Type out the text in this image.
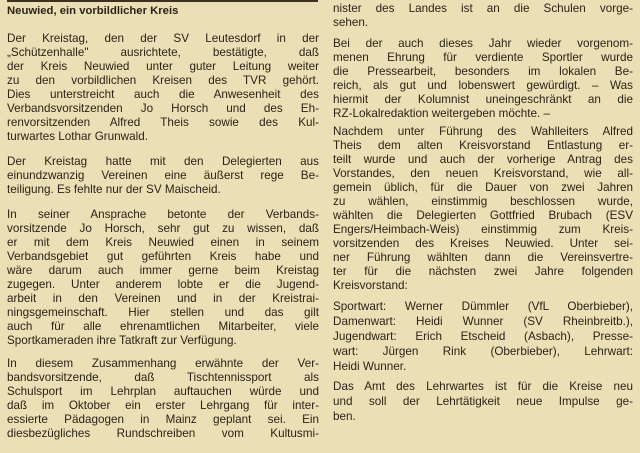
Neuwied, ein vorbildlicher Kreis
Der Kreistag, den der SV Leutesdorf in der
„Schützenhalle" ausrichtete, bestätigte, daß
der Kreis Neuwied unter guter Leitung weiter
zu den vorbildlichen Kreisen des TVR gehört.
Dies unterstreicht auch die Anwesenheit des
Verbandsvorsitzenden Jo Horsch und des Eh-
renvorsitzenden Alfred Theis sowie des Kul-
turwartes Lothar Grunwald.
Der Kreistag hatte mit den Delegierten aus
einundzwanzig Vereinen eine äußerst rege Be-
teiligung. Es fehlte nur der SV Maischeid.
In seiner Ansprache betonte der Verbands-
vorsitzende Jo Horsch, sehr gut zu wissen, daß
er mit dem Kreis Neuwied einen in seinem
Verbandsgebiet gut geführten Kreis habe und
wäre darum auch immer gerne beim Kreistag
zugegen. Unter anderem lobte er die Jugend-
arbeit in den Vereinen und in der Kreistrai-
ningsgemeinschaft. Hier stellen und das gilt
auch für alle ehrenamtlichen Mitarbeiter, viele
Sportkameraden ihre Tatkraft zur Verfügung.
In diesem Zusammenhang erwähnte der Ver-
bandsvorsitzende, daß Tischtennissport als
Schulsport im Lehrplan auftauchen würde und
daß im Oktober ein erster Lehrgang für inter-
essierte Pädagogen in Mainz geplant sei. Ein
diesbezügliches Rundschreiben vom Kultusmi-
nister des Landes ist an die Schulen vorge-
sehen.
Bei der auch dieses Jahr wieder vorgenom-
menen Ehrung für verdiente Sportler wurde
die Pressearbeit, besonders im lokalen Be-
reich, als gut und lobenswert gewürdigt. – Was
hiermit der Kolumnist uneingeschränkt an die
RZ-Lokalredaktion weitergeben möchte. –
Nachdem unter Führung des Wahlleiters Alfred
Theis dem alten Kreisvorstand Entlastung er-
teilt wurde und auch der vorherige Antrag des
Vorstandes, den neuen Kreisvorstand, wie all-
gemein üblich, für die Dauer von zwei Jahren
zu wählen, einstimmig beschlossen wurde,
wählten die Delegierten Gottfried Brubach (ESV
Engers/Heimbach-Weis) einstimmig zum Kreis-
vorsitzenden des Kreises Neuwied. Unter sei-
ner Führung wählten dann die Vereinsvertre-
ter für die nächsten zwei Jahre folgenden
Kreisvorstand:
Sportwart: Werner Dümmler (VfL Oberbieber),
Damenwart: Heidi Wunner (SV Rheinbreitb.),
Jugendwart: Erich Etscheid (Asbach), Presse-
wart: Jürgen Rink (Oberbieber), Lehrwart:
Heidi Wunner.
Das Amt des Lehrwartes ist für die Kreise neu
und soll der Lehrtätigkeit neue Impulse ge-
ben.
